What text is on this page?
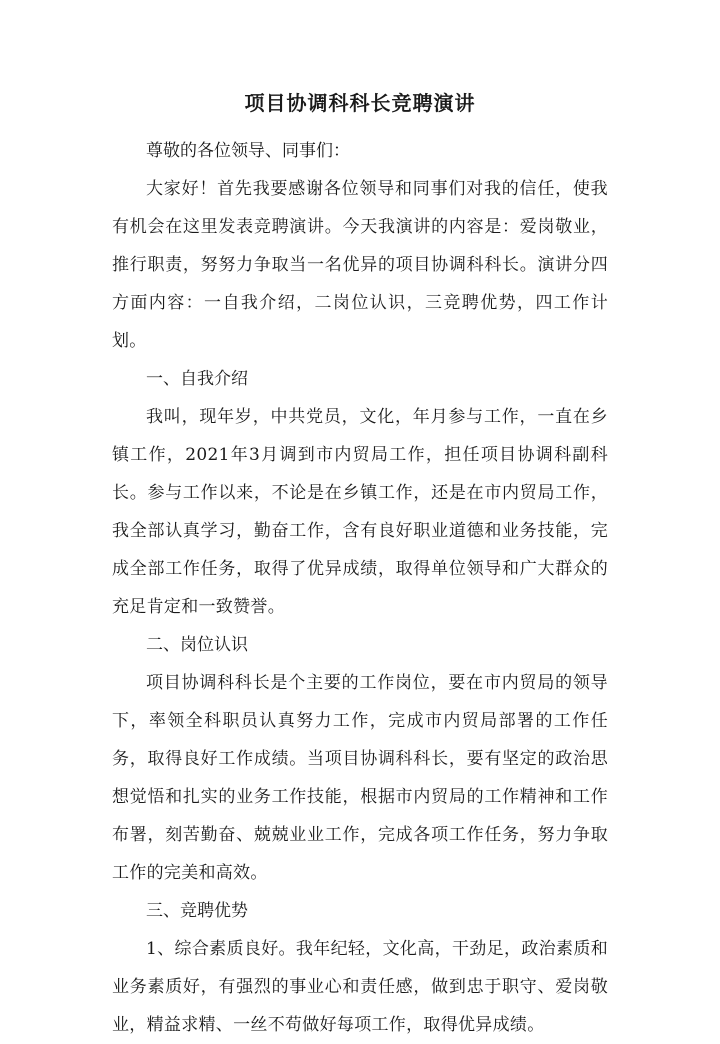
项目协调科科长竞聘演讲

尊敬的各位领导、同事们：

大家好！首先我要感谢各位领导和同事们对我的信任，使我有机会在这里发表竞聘演讲。今天我演讲的内容是：爱岗敬业，推行职责，努努力争取当一名优异的项目协调科科长。演讲分四方面内容：一自我介绍，二岗位认识，三竞聘优势，四工作计划。

一、自我介绍

我叫，现年岁，中共党员，文化，年月参与工作，一直在乡镇工作，2021年3月调到市内贸局工作，担任项目协调科副科长。参与工作以来，不论是在乡镇工作，还是在市内贸局工作，我全部认真学习，勤奋工作，含有良好职业道德和业务技能，完成全部工作任务，取得了优异成绩，取得单位领导和广大群众的充足肯定和一致赞誉。

二、岗位认识

项目协调科科长是个主要的工作岗位，要在市内贸局的领导下，率领全科职员认真努力工作，完成市内贸局部署的工作任务，取得良好工作成绩。当项目协调科科长，要有坚定的政治思想觉悟和扎实的业务工作技能，根据市内贸局的工作精神和工作布署，刻苦勤奋、兢兢业业工作，完成各项工作任务，努力争取工作的完美和高效。

三、竞聘优势

1、综合素质良好。我年纪轻，文化高，干劲足，政治素质和业务素质好，有强烈的事业心和责任感，做到忠于职守、爱岗敬业，精益求精、一丝不苟做好每项工作，取得优异成绩。
